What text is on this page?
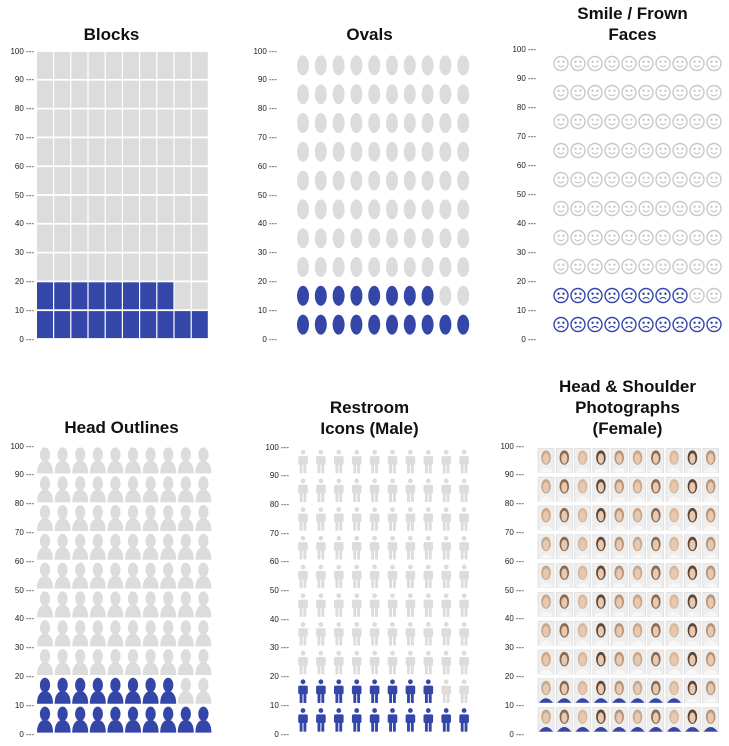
Blocks
100 ---
90 ---
80 ---
70 ---
60 ---
50 ---
40 ---
30 ---
20 ---
10 ---
0 ---
Ovals
100 ---
90 ---
80 ---
70 ---
60 ---
50 ---
40 ---
30 ---
20 ---
10 ---
0 ---
Smile / Frown
Faces
100 ---
90 ---
80 ---
70 ---
60 ---
50 ---
40 ---
30 ---
20 ---
10 ---
0 ---
Head Outlines
100 ---
90 ---
80 ---
70 ---
60 ---
50 ---
40 ---
30 ---
20 ---
10 ---
0 ---
Restroom
Icons (Male)
100 ---
90 ---
80 ---
70 ---
60 ---
50 ---
40 ---
30 ---
20 ---
10 ---
0 ---
Head & Shoulder
Photographs
(Female)
100 ---
90 ---
80 ---
70 ---
60 ---
50 ---
40 ---
30 ---
20 ---
10 ---
0 ---
